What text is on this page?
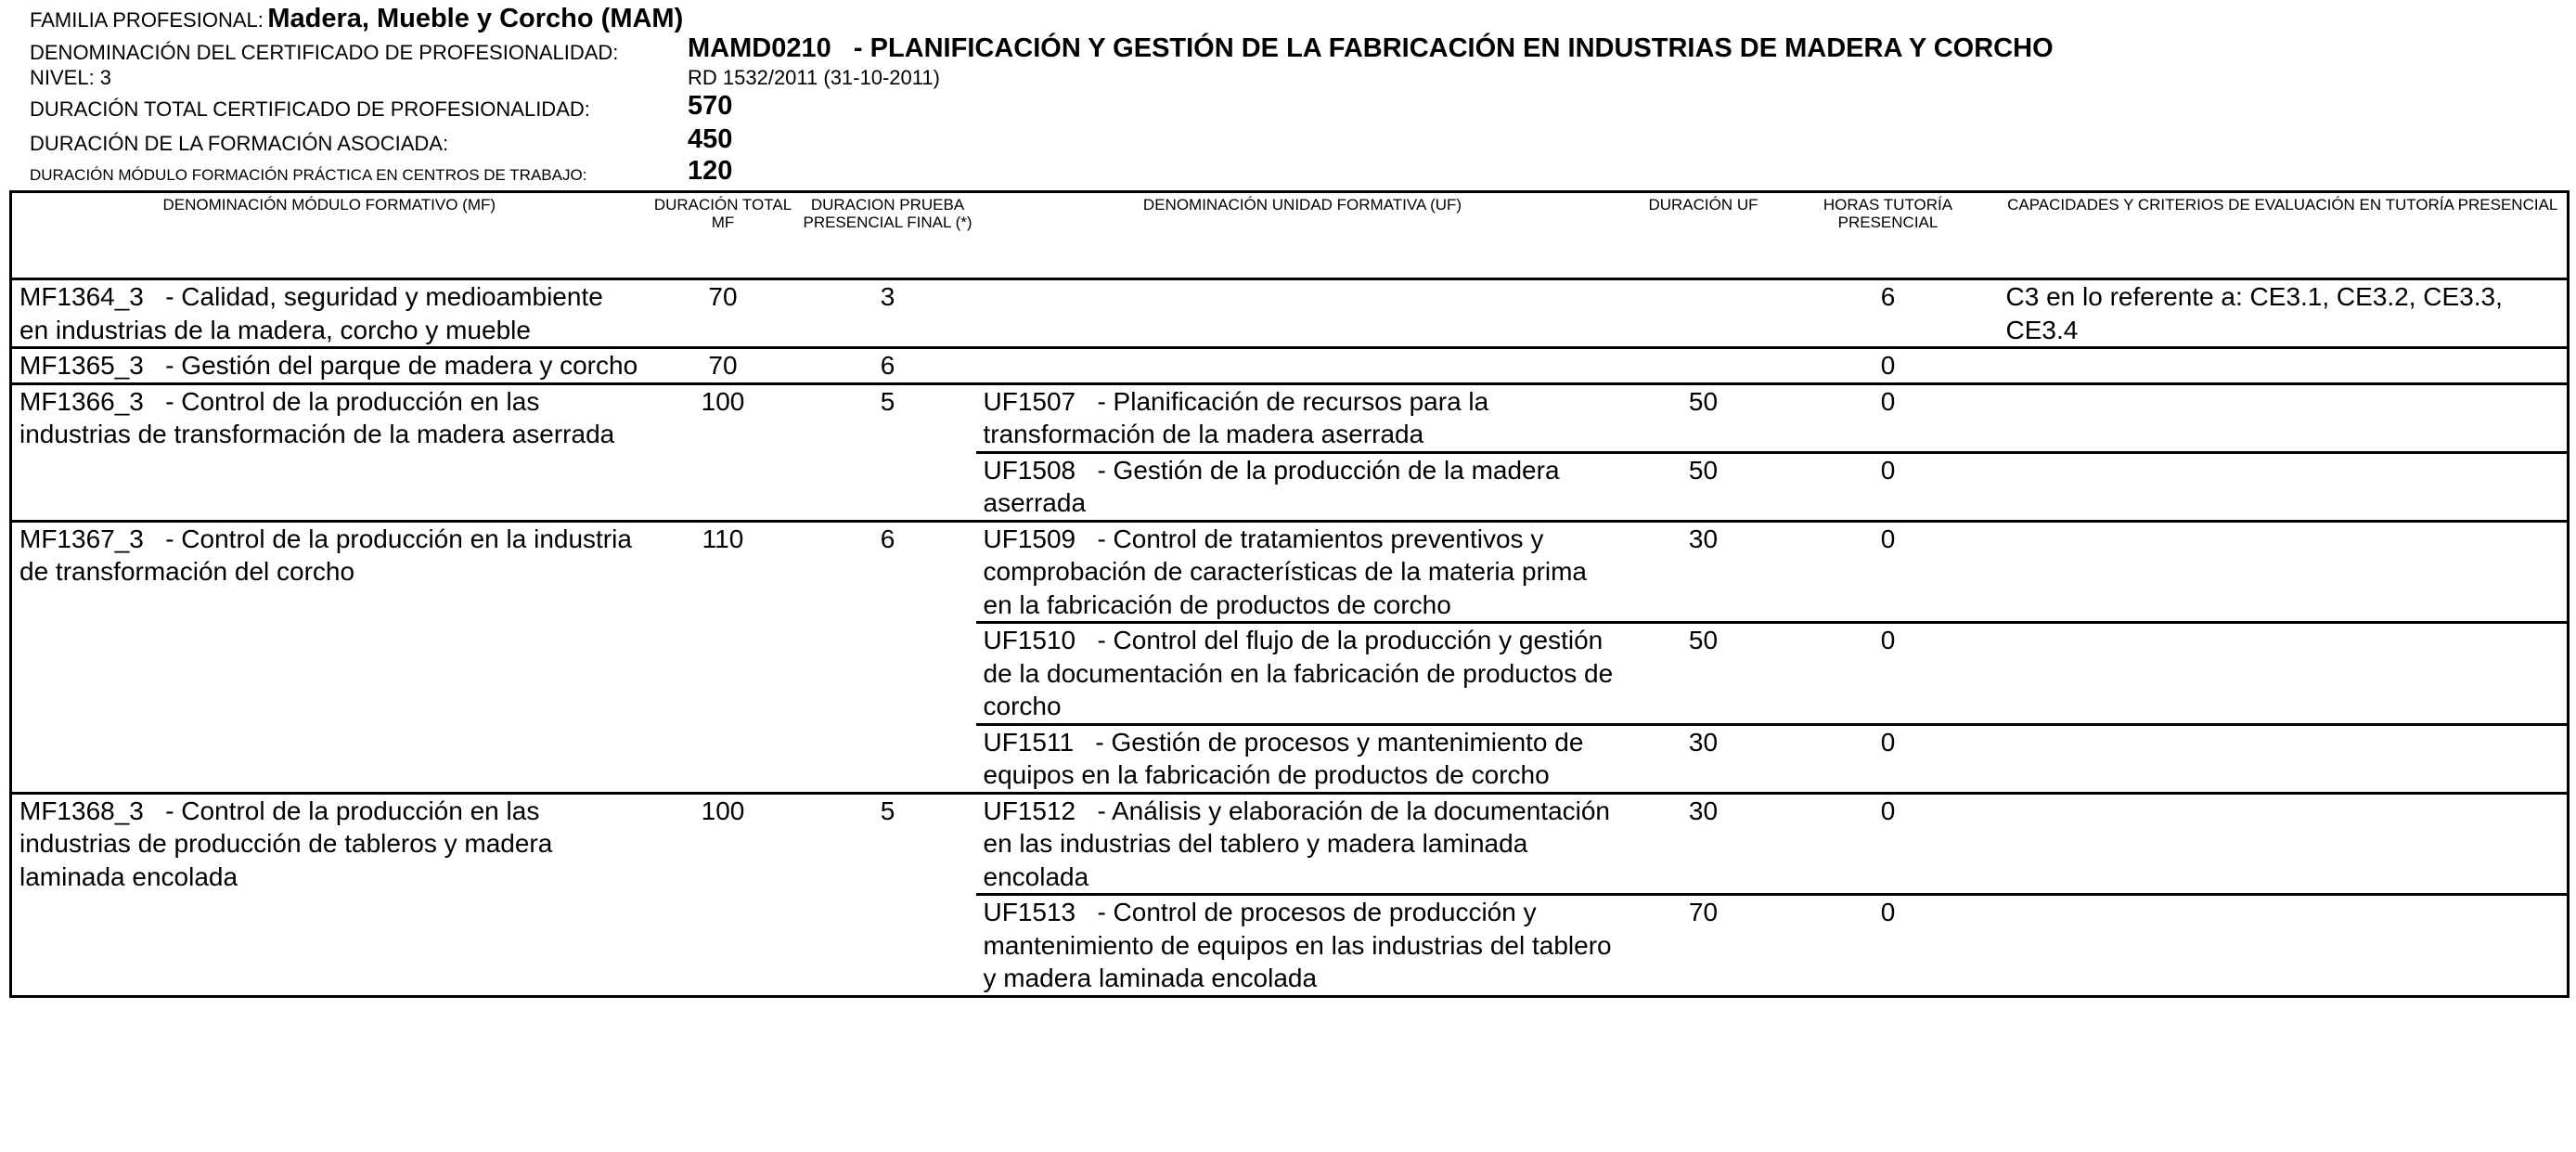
FAMILIA PROFESIONAL: Madera, Mueble y Corcho (MAM)
DENOMINACIÓN DEL CERTIFICADO DE PROFESIONALIDAD:	MAMD0210 - PLANIFICACIÓN Y GESTIÓN DE LA FABRICACIÓN EN INDUSTRIAS DE MADERA Y CORCHO
NIVEL: 3	RD 1532/2011 (31-10-2011)
DURACIÓN TOTAL CERTIFICADO DE PROFESIONALIDAD:	570
DURACIÓN DE LA FORMACIÓN ASOCIADA:	450
DURACIÓN MÓDULO FORMACIÓN PRÁCTICA EN CENTROS DE TRABAJO:	120
DENOMINACIÓN MÓDULO FORMATIVO (MF)	DURACIÓN TOTAL MF	DURACION PRUEBA PRESENCIAL FINAL (*)	DENOMINACIÓN UNIDAD FORMATIVA (UF)	DURACIÓN UF	HORAS TUTORÍA PRESENCIAL	CAPACIDADES Y CRITERIOS DE EVALUACIÓN EN TUTORÍA PRESENCIAL
MF1364_3   - Calidad, seguridad y medioambiente en industrias de la madera, corcho y mueble	70	3			6	C3 en lo referente a: CE3.1, CE3.2, CE3.3, CE3.4
MF1365_3   - Gestión del parque de madera y corcho	70	6			0	
MF1366_3   - Control de la producción en las industrias de transformación de la madera aserrada	100	5	UF1507   - Planificación de recursos para la transformación de la madera aserrada	50	0	
			UF1508   - Gestión de la producción de la madera aserrada	50	0	
MF1367_3   - Control de la producción en la industria de transformación del corcho	110	6	UF1509   - Control de tratamientos preventivos y comprobación de características de la materia prima en la fabricación de productos de corcho	30	0	
			UF1510   - Control del flujo de la producción y gestión de la documentación en la fabricación de productos de corcho	50	0	
			UF1511   - Gestión de procesos y mantenimiento de equipos en la fabricación de productos de corcho	30	0	
MF1368_3   - Control de la producción en las industrias de producción de tableros y madera laminada encolada	100	5	UF1512   - Análisis y elaboración de la documentación en las industrias del tablero y madera laminada encolada	30	0	
			UF1513   - Control de procesos de producción y mantenimiento de equipos en las industrias del tablero y madera laminada encolada	70	0	
